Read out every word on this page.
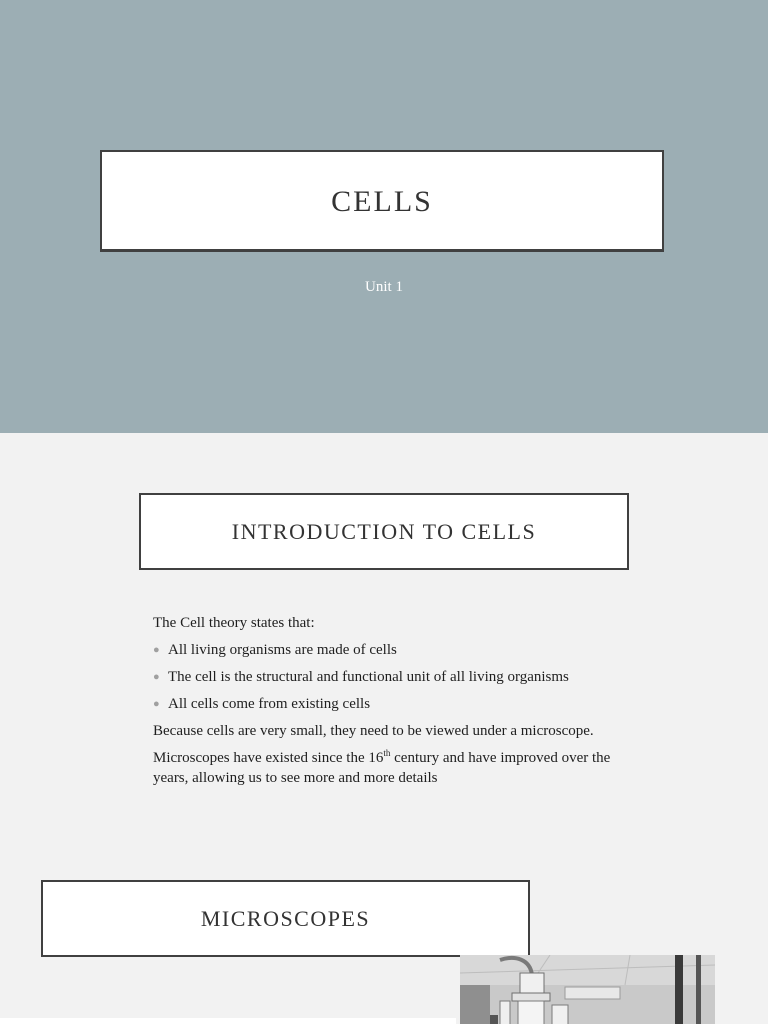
CELLS
Unit 1
INTRODUCTION TO CELLS

The Cell theory states that:

● All living organisms are made of cells
● The cell is the structural and functional unit of all living organisms
● All cells come from existing cells

Because cells are very small, they need to be viewed under a microscope.

Microscopes have existed since the 16th century and have improved over the years, allowing us to see more and more details

MICROSCOPES
